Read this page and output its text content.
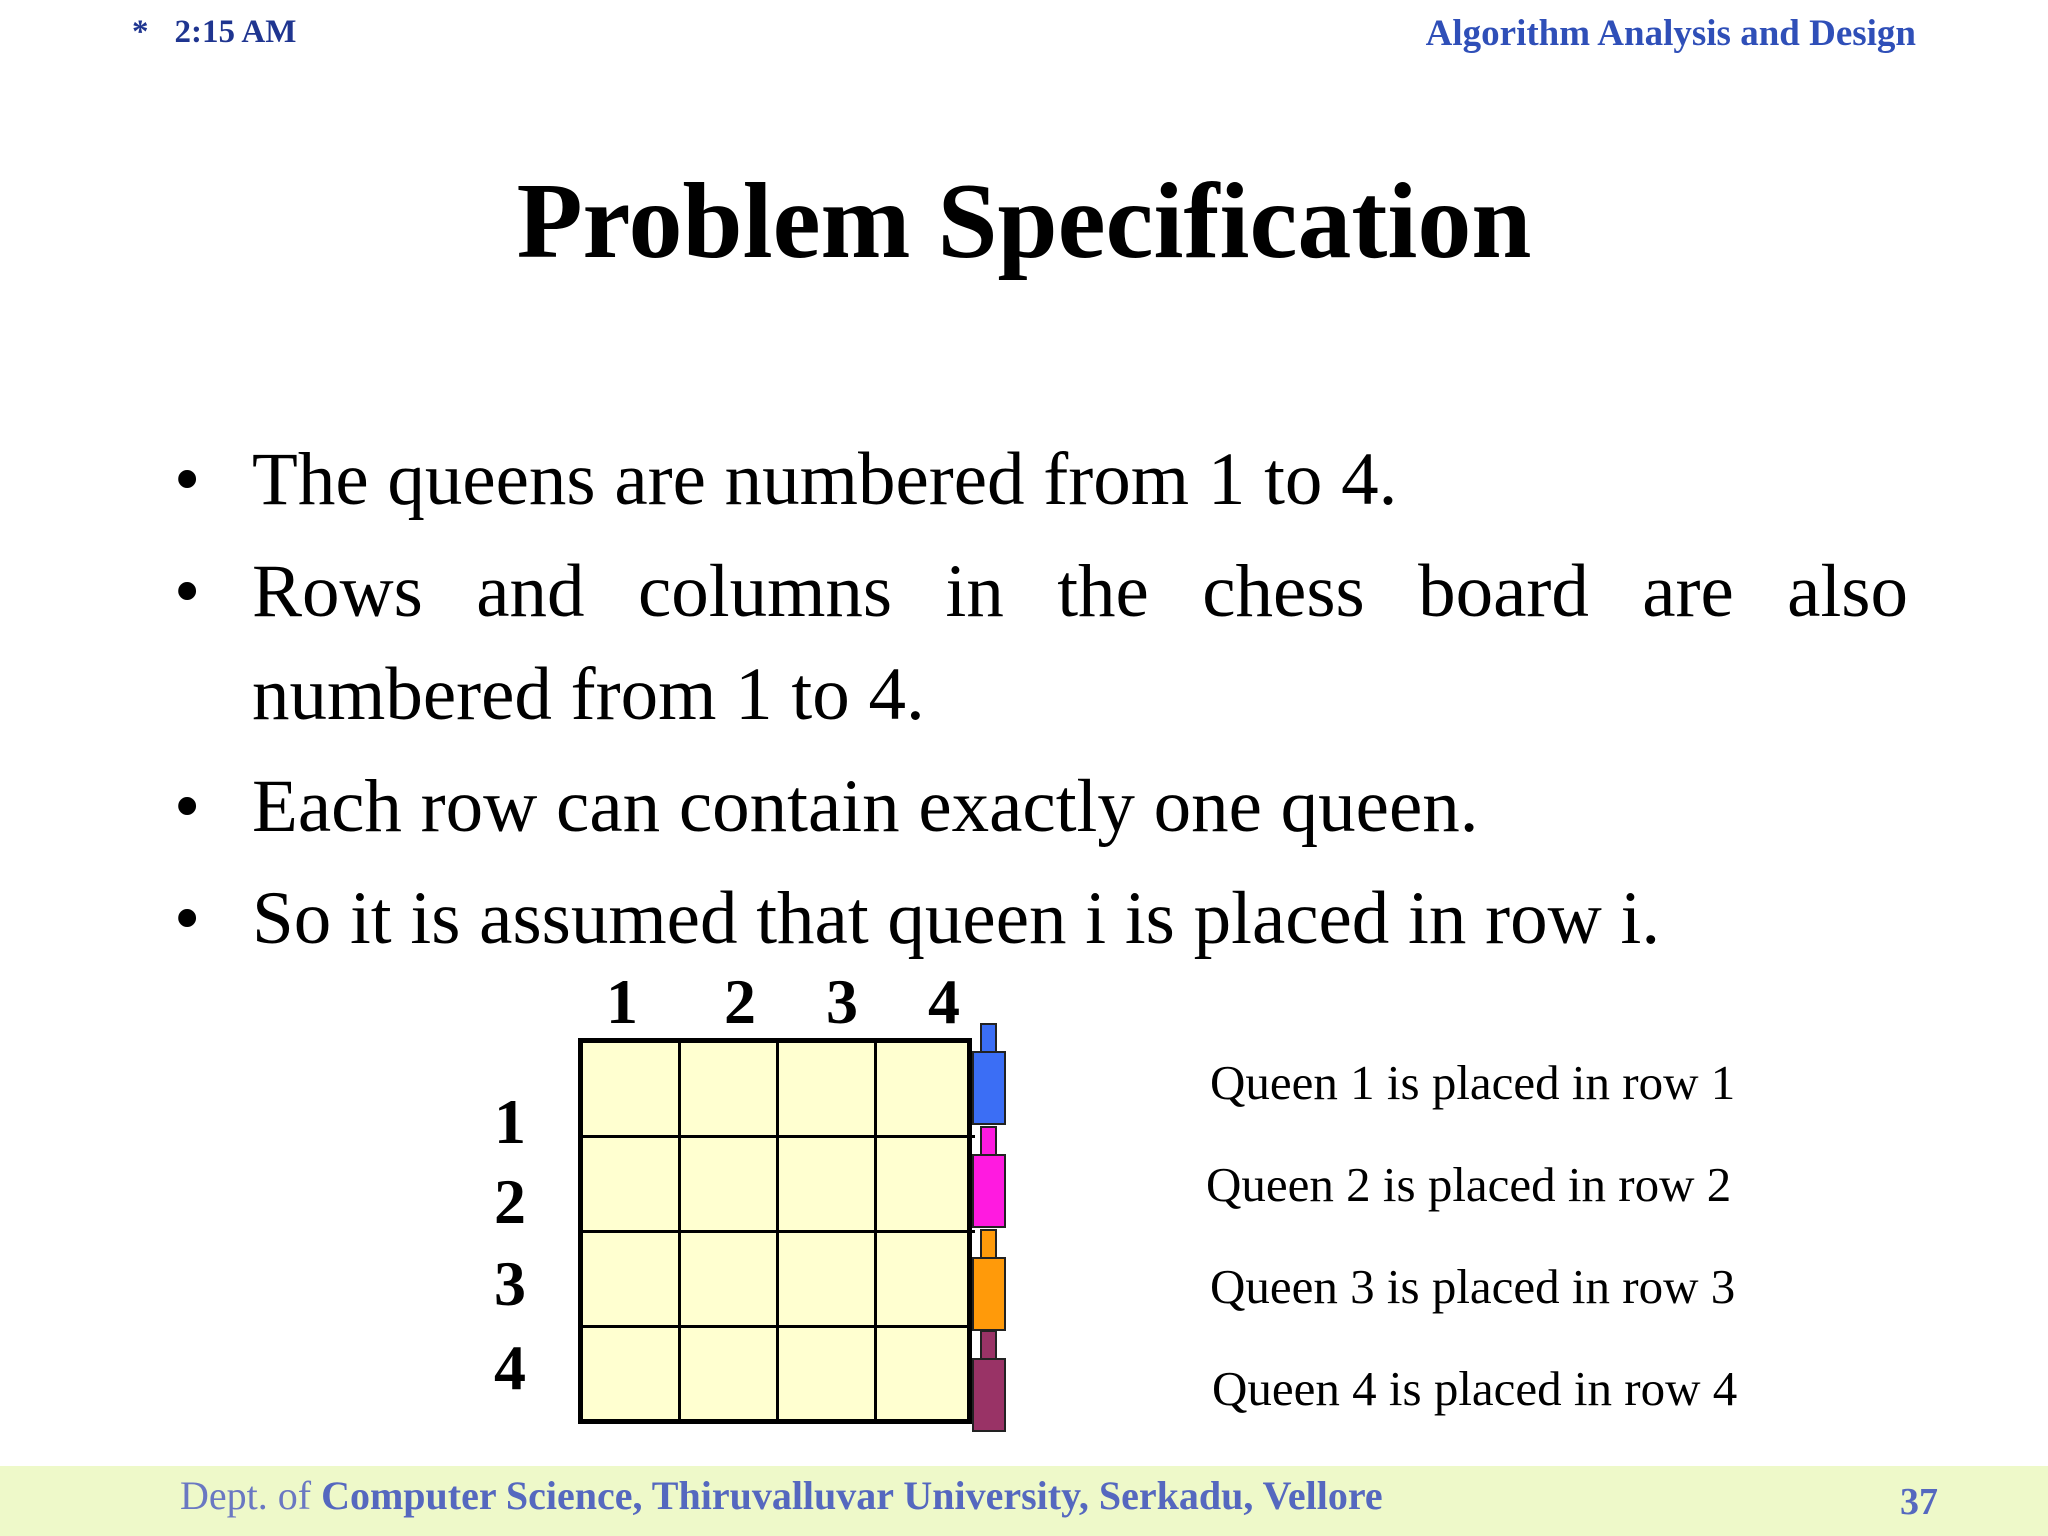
* 2:15 AM	Algorithm Analysis and Design
Problem Specification
• The queens are numbered from 1 to 4.
• Rows and columns in the chess board are also numbered from 1 to 4.
• Each row can contain exactly one queen.
• So it is assumed that queen i is placed in row i.
1 2 3 4
1
2
3
4
Queen 1 is placed in row 1
Queen 2 is placed in row 2
Queen 3 is placed in row 3
Queen 4 is placed in row 4
Dept. of Computer Science, Thiruvalluvar University, Serkadu, Vellore	37
